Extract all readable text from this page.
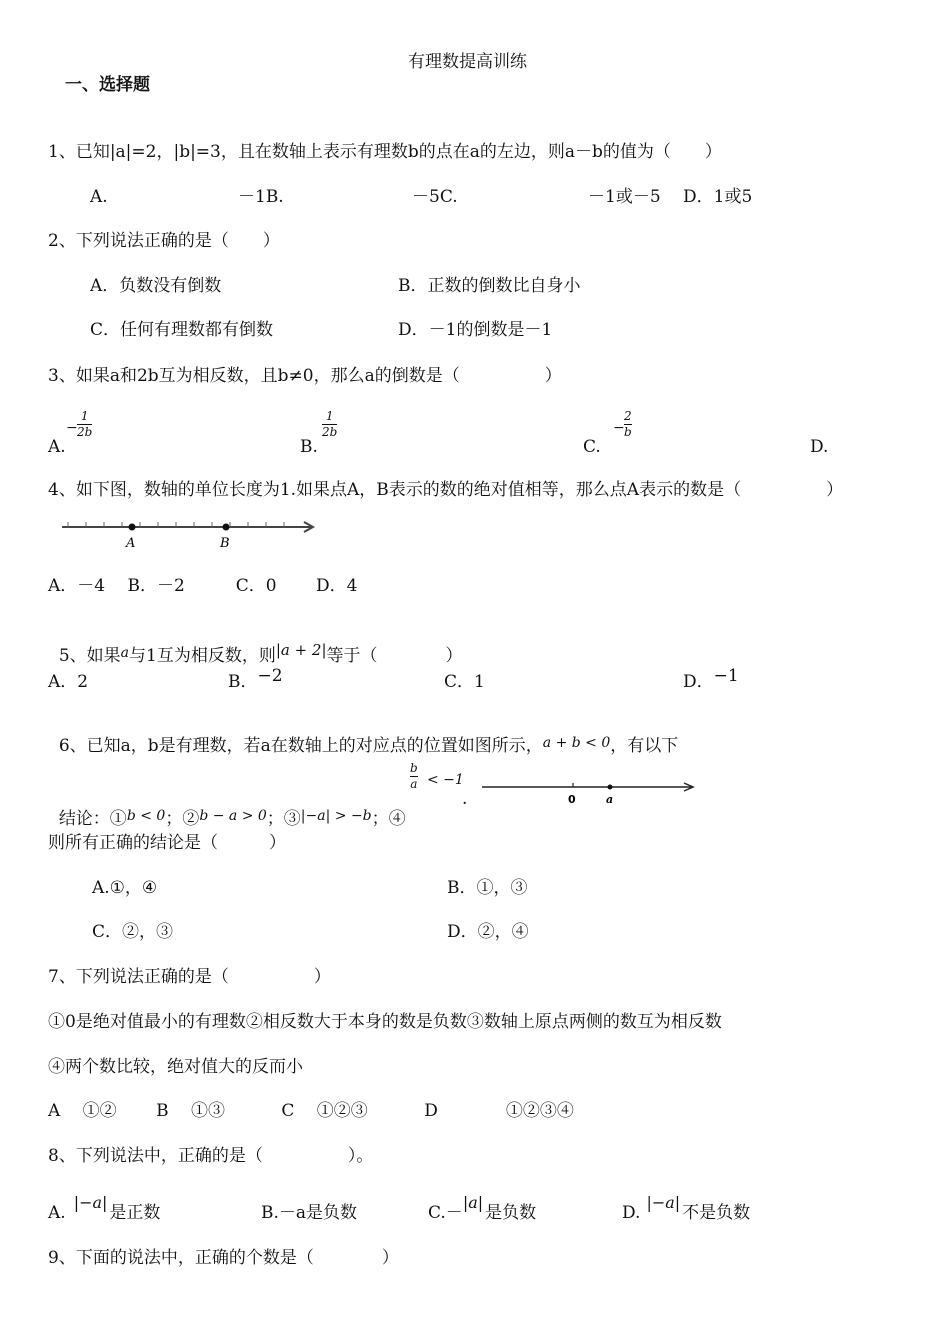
有理数提高训练
一、选择题
1、已知|a|=2，|b|=3，且在数轴上表示有理数b的点在a的左边，则a－b的值为（　　）
A.	－1B.	－5C.	－1或－5 D．1或5
2、下列说法正确的是（　　）
A．负数没有倒数	B．正数的倒数比自身小
C．任何有理数都有倒数	D．－1的倒数是－1
3、如果a和2b互为相反数，且b≠0，那么a的倒数是（　　　　　）
A.
−
1
2b
B.
1
2b
C.
−
2
b
D.
4、如下图，数轴的单位长度为1.如果点A，B表示的数的绝对值相等，那么点A表示的数是（　　　　　）
A	B
A．－4　 B．－2　　　C．0　　 D．4

5、如果$^a$与1互为相反数，则|a + 2|等于（　　　　）

A．2	B．−2	C．1	D．−1

6、已知a，b是有理数，若a在数轴上的对应点的位置如图所示，$^{a + b < 0}$，有以下

结论：①$^{b < 0}$；②$^{b - a > 0}$；③$^{|-a| > -b}$；④

b
a < −1
.	0	a
则所有正确的结论是（　　　）
A.①，④	B．①，③
C．②，③	D．②，④
7、下列说法正确的是（　　　　　）
①0是绝对值最小的有理数②相反数大于本身的数是负数③数轴上原点两侧的数互为相反数
④两个数比较，绝对值大的反而小
A　 ①②　　 B　 ①③　　　 C　 ①②③　　　 D　　　　①②③④
8、下列说法中，正确的是（　　　　　）。
A.|−a|是正数	B.－a是负数	C.－|a|是负数	D.|−a|不是负数
9、下面的说法中，正确的个数是（　　　　）
